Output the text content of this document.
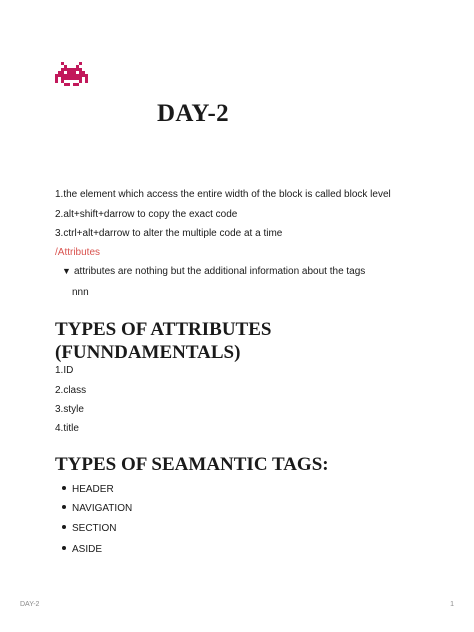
DAY-2
1.the element which access the entire width of the block is called block level
2.alt+shift+darrow to copy the exact code
3.ctrl+alt+darrow to alter the multiple code at a time
/Attributes
▼ attributes are nothing but the additional information about the tags
nnn
TYPES OF ATTRIBUTES
(FUNNDAMENTALS)
1.ID
2.class
3.style
4.title
TYPES OF SEAMANTIC TAGS:
HEADER
NAVIGATION
SECTION
ASIDE
DAY-2	1
